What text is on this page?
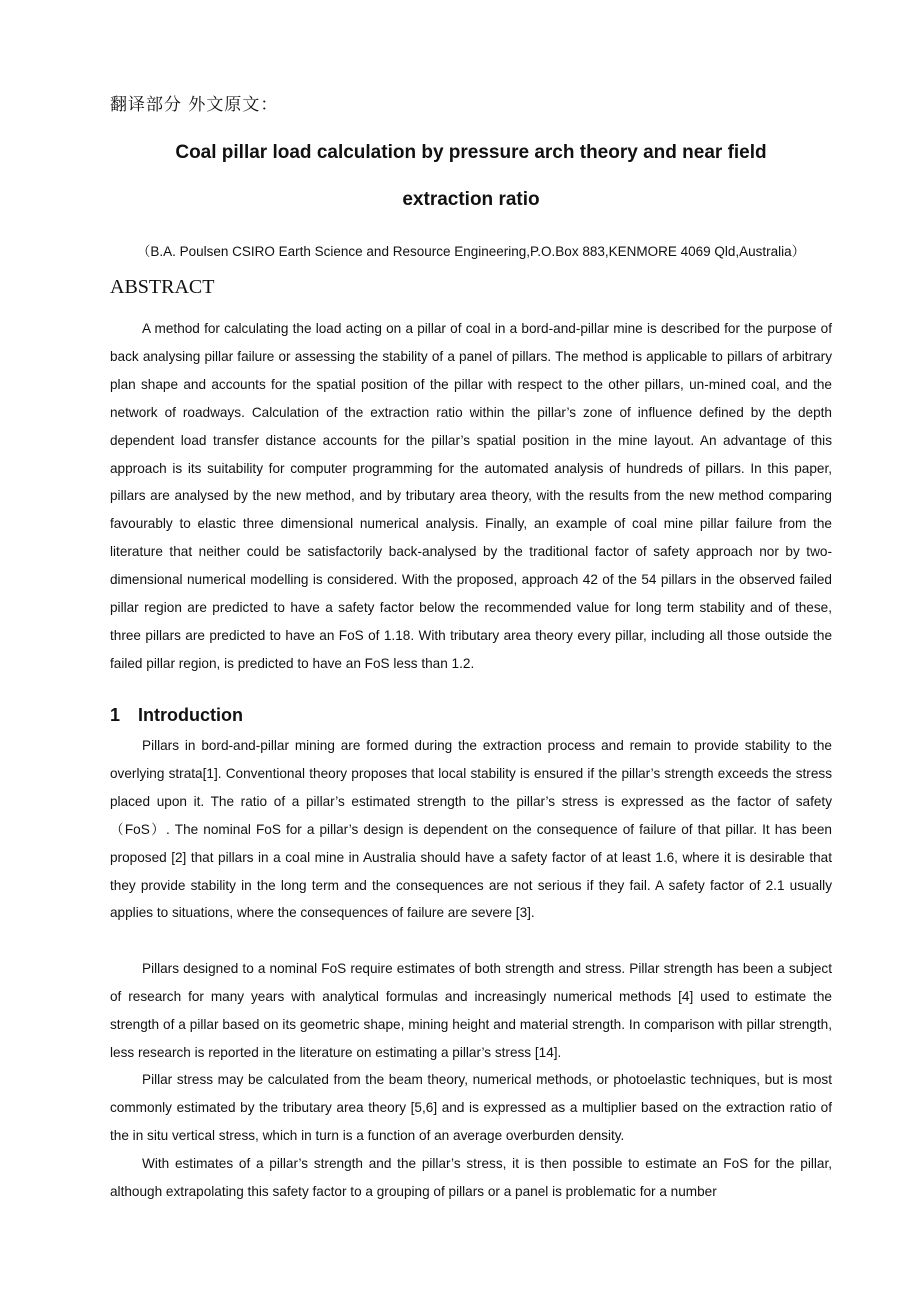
翻译部分 外文原文：
Coal pillar load calculation by pressure arch theory and near field
extraction ratio
（B.A. Poulsen CSIRO Earth Science and Resource Engineering,P.O.Box 883,KENMORE 4069 Qld,Australia）
ABSTRACT

A method for calculating the load acting on a pillar of coal in a bord-and-pillar mine is described for the purpose of back analysing pillar failure or assessing the stability of a panel of pillars. The method is applicable to pillars of arbitrary plan shape and accounts for the spatial position of the pillar with respect to the other pillars, un-mined coal, and the network of roadways. Calculation of the extraction ratio within the pillar’s zone of influence defined by the depth dependent load transfer distance accounts for the pillar’s spatial position in the mine layout. An advantage of this approach is its suitability for computer programming for the automated analysis of hundreds of pillars. In this paper, pillars are analysed by the new method, and by tributary area theory, with the results from the new method comparing favourably to elastic three dimensional numerical analysis. Finally, an example of coal mine pillar failure from the literature that neither could be satisfactorily back-analysed by the traditional factor of safety approach nor by two-dimensional numerical modelling is considered. With the proposed, approach 42 of the 54 pillars in the observed failed pillar region are predicted to have a safety factor below the recommended value for long term stability and of these, three pillars are predicted to have an FoS of 1.18. With tributary area theory every pillar, including all those outside the failed pillar region, is predicted to have an FoS less than 1.2.

1 Introduction

Pillars in bord-and-pillar mining are formed during the extraction process and remain to provide stability to the overlying strata[1]. Conventional theory proposes that local stability is ensured if the pillar’s strength exceeds the stress placed upon it. The ratio of a pillar’s estimated strength to the pillar’s stress is expressed as the factor of safety （FoS）. The nominal FoS for a pillar’s design is dependent on the consequence of failure of that pillar. It has been proposed [2] that pillars in a coal mine in Australia should have a safety factor of at least 1.6, where it is desirable that they provide stability in the long term and the consequences are not serious if they fail. A safety factor of 2.1 usually applies to situations, where the consequences of failure are severe [3].

Pillars designed to a nominal FoS require estimates of both strength and stress. Pillar strength has been a subject of research for many years with analytical formulas and increasingly numerical methods [4] used to estimate the strength of a pillar based on its geometric shape, mining height and material strength. In comparison with pillar strength, less research is reported in the literature on estimating a pillar’s stress [14].

Pillar stress may be calculated from the beam theory, numerical methods, or photoelastic techniques, but is most commonly estimated by the tributary area theory [5,6] and is expressed as a multiplier based on the extraction ratio of the in situ vertical stress, which in turn is a function of an average overburden density.

With estimates of a pillar’s strength and the pillar’s stress, it is then possible to estimate an FoS for the pillar, although extrapolating this safety factor to a grouping of pillars or a panel is problematic for a number
